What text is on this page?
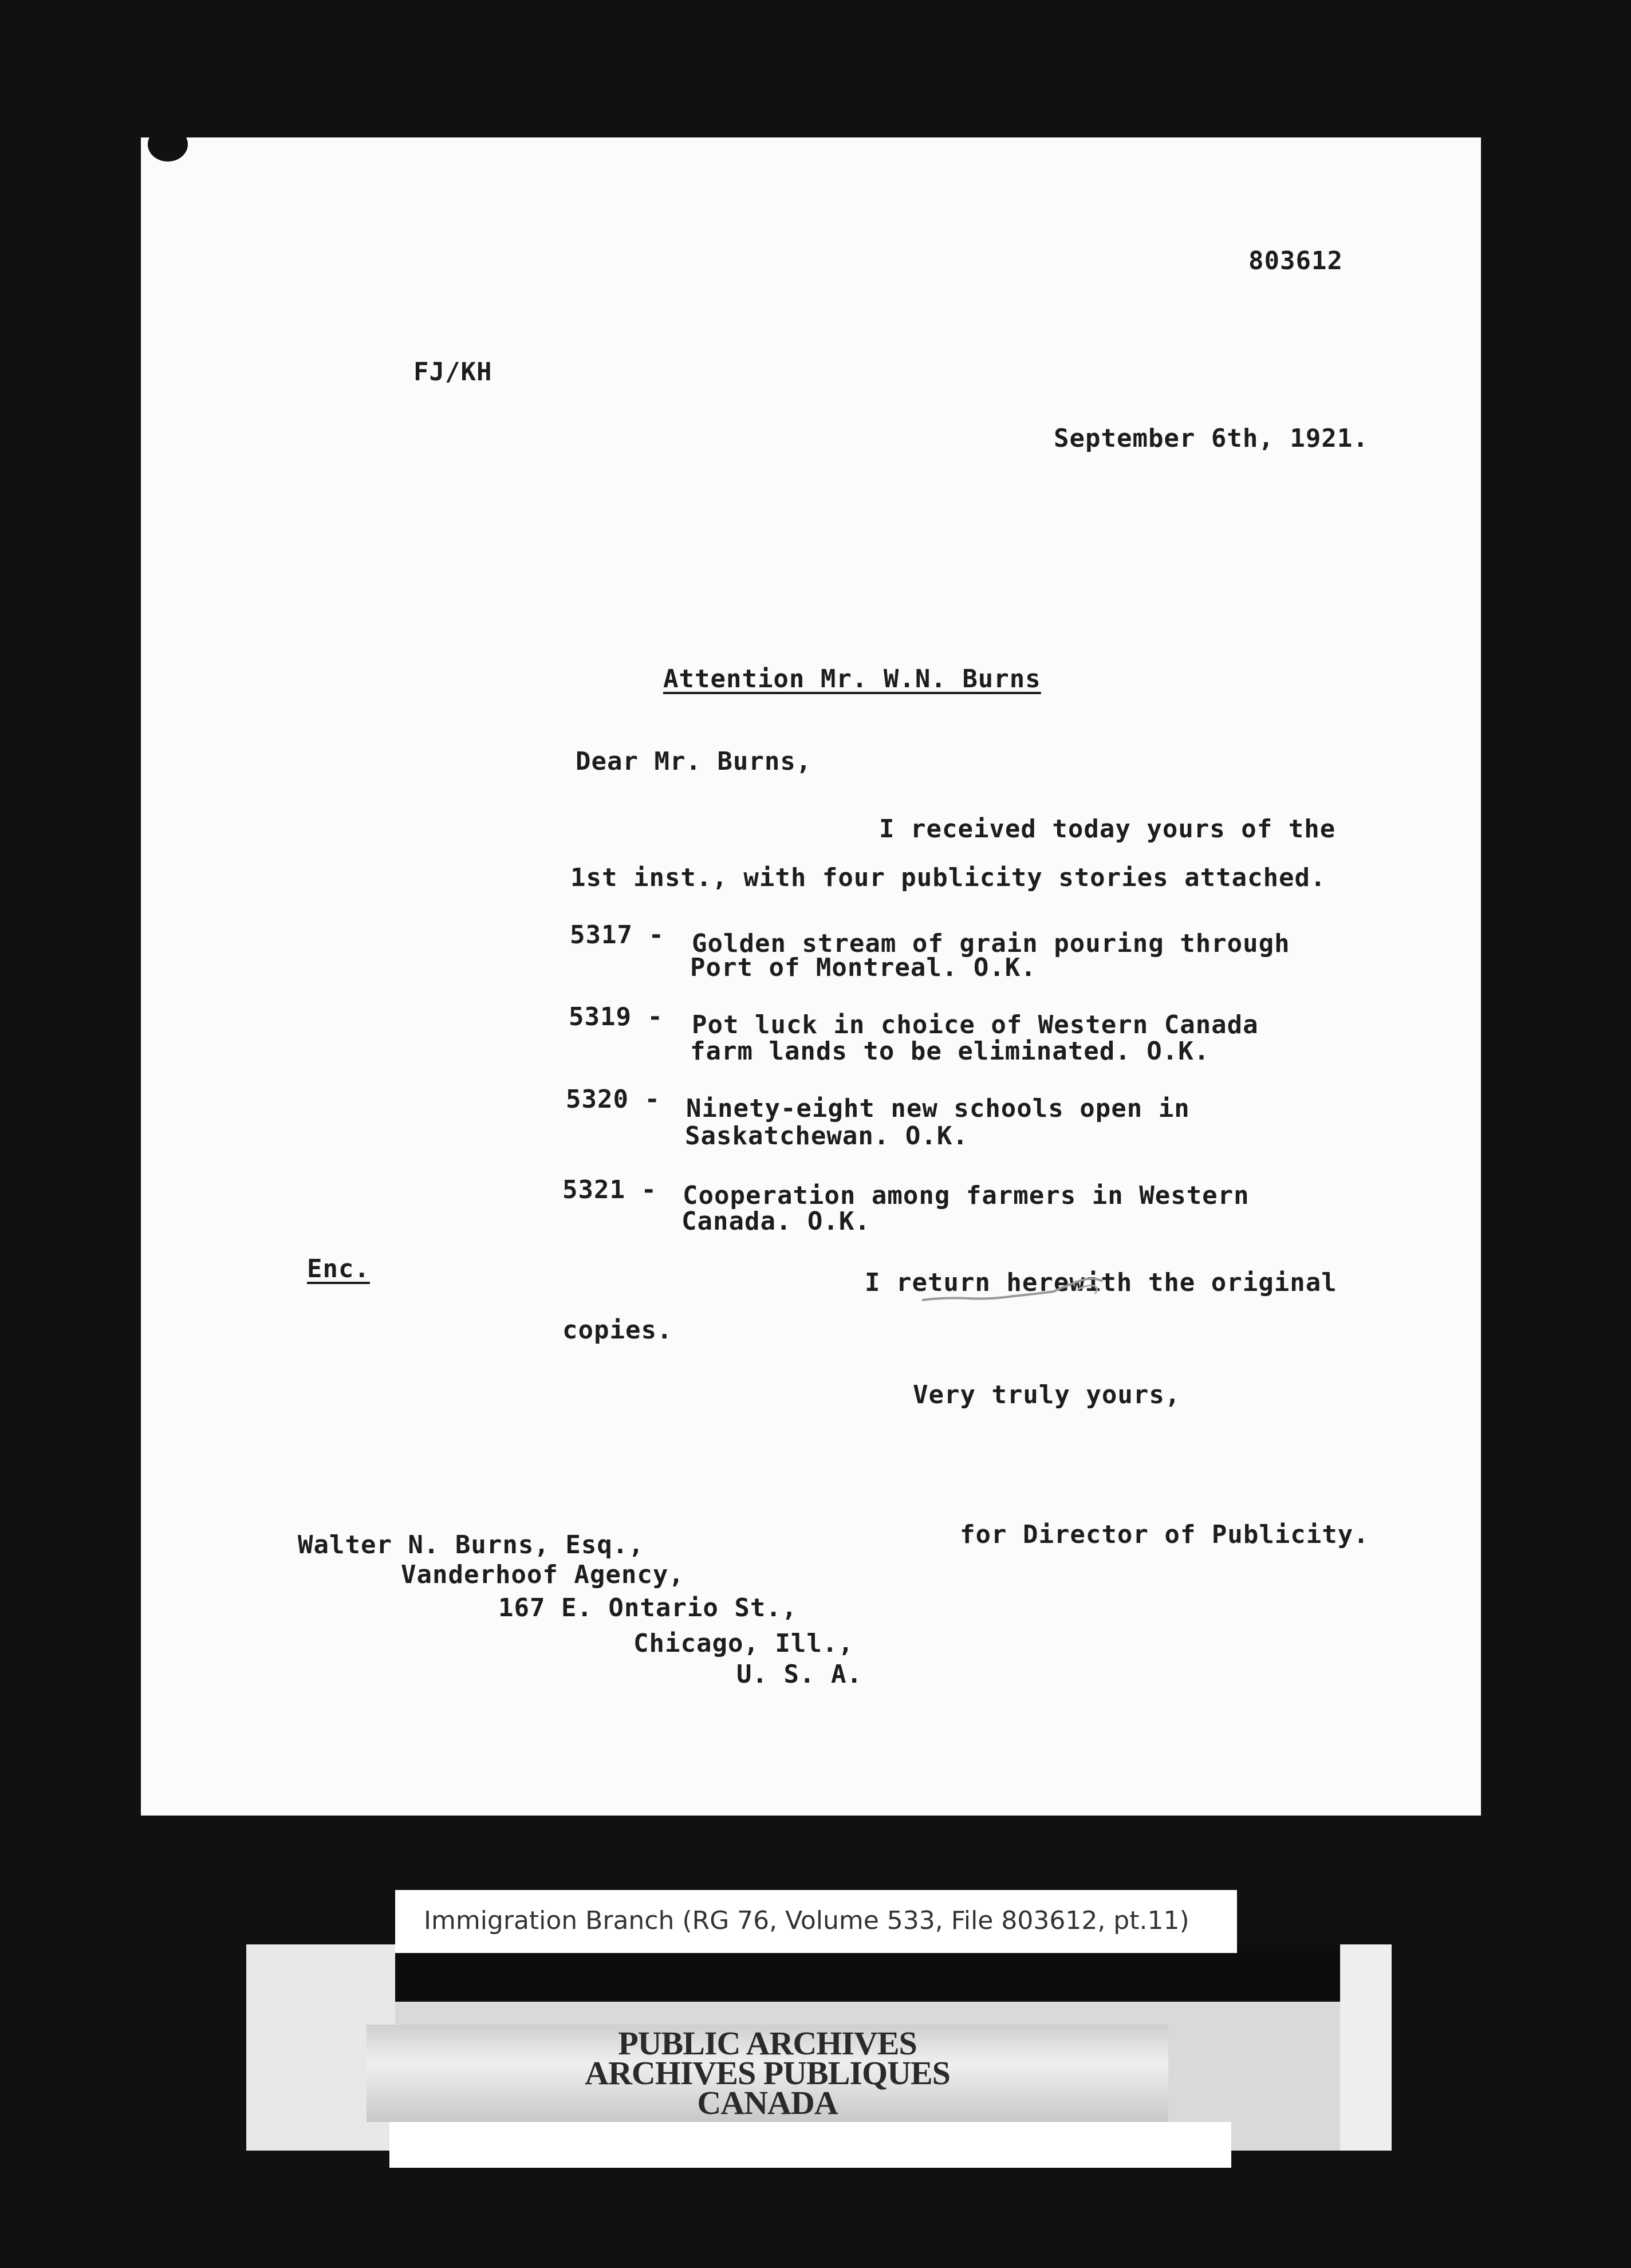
803612
FJ/KH
September 6th, 1921.
Attention Mr. W.N. Burns
Dear Mr. Burns,
I received today yours of the
1st inst., with four publicity stories attached.
5317 - Golden stream of grain pouring through
Port of Montreal. O.K.
5319 - Pot luck in choice of Western Canada
farm lands to be eliminated. O.K.
5320 - Ninety-eight new schools open in
Saskatchewan. O.K.
5321 - Cooperation among farmers in Western
Canada. O.K.
Enc.	I return herewith the original
copies.
Very truly yours,
for Director of Publicity.
Walter N. Burns, Esq.,
Vanderhoof Agency,
167 E. Ontario St.,
Chicago, Ill.,
U. S. A.
PUBLIC ARCHIVES
ARCHIVES PUBLIQUES
CANADA
Immigration Branch (RG 76, Volume 533, File 803612, pt.11)
